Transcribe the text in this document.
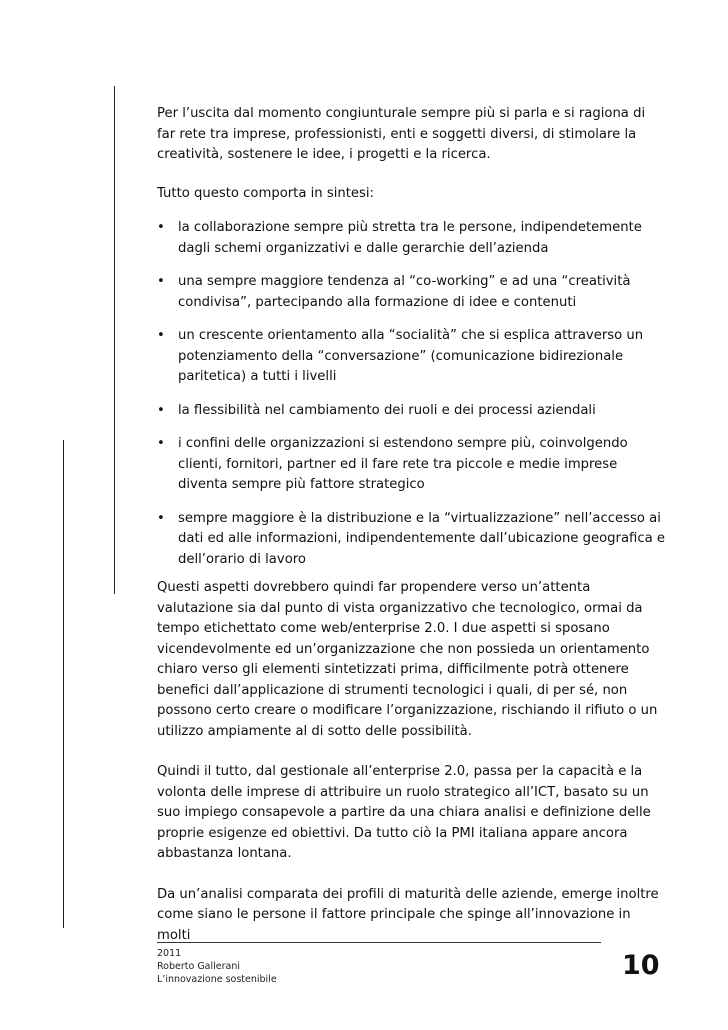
Per l’uscita dal momento congiunturale sempre più si parla e si ragiona di far rete tra imprese, professionisti, enti e soggetti diversi, di stimolare la creatività, sostenere le idee, i progetti e la ricerca.

Tutto questo comporta in sintesi:

• la collaborazione sempre più stretta tra le persone, indipendetemente dagli schemi organizzativi e dalle gerarchie dell’azienda
• una sempre maggiore tendenza al “co-working” e ad una “creatività condivisa”, partecipando alla formazione di idee e contenuti
• un crescente orientamento alla “socialità” che si esplica attraverso un potenziamento della “conversazione” (comunicazione bidirezionale paritetica) a tutti i livelli
• la flessibilità nel cambiamento dei ruoli e dei processi aziendali
• i confini delle organizzazioni si estendono sempre più, coinvolgendo clienti, fornitori, partner ed il fare rete tra piccole e medie imprese diventa sempre più fattore strategico
• sempre maggiore è la distribuzione e la “virtualizzazione” nell’accesso ai dati ed alle informazioni, indipendentemente dall’ubicazione geografica e dell’orario di lavoro

Questi aspetti dovrebbero quindi far propendere verso un’attenta valutazione sia dal punto di vista organizzativo che tecnologico, ormai da tempo etichettato come web/enterprise 2.0. I due aspetti si sposano vicendevolmente ed un’organizzazione che non possieda un orientamento chiaro verso gli elementi sintetizzati prima, difficilmente potrà ottenere benefici dall’applicazione di strumenti tecnologici i quali, di per sé, non possono certo creare o modificare l’organizzazione, rischiando il rifiuto o un utilizzo ampiamente al di sotto delle possibilità.

Quindi il tutto, dal gestionale all’enterprise 2.0, passa per la capacità e la volonta delle imprese di attribuire un ruolo strategico all’ICT, basato su un suo impiego consapevole a partire da una chiara analisi e definizione delle proprie esigenze ed obiettivi. Da tutto ciò la PMI italiana appare ancora abbastanza lontana.

Da un’analisi comparata dei profili di maturità delle aziende, emerge inoltre come siano le persone il fattore principale che spinge all’innovazione in molti

2011
Roberto Gallerani
L’innovazione sostenibile	10
